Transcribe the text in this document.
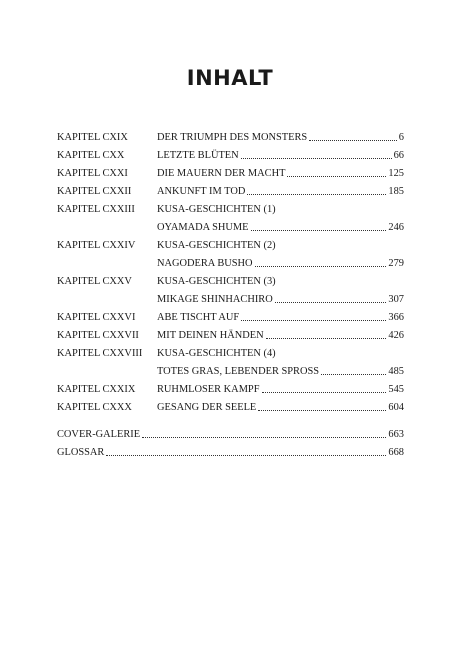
INHALT
KAPITEL CXIX	DER TRIUMPH DES MONSTERS	6
KAPITEL CXX	LETZTE BLÜTEN	66
KAPITEL CXXI	DIE MAUERN DER MACHT	125
KAPITEL CXXII	ANKUNFT IM TOD	185
KAPITEL CXXIII	KUSA-GESCHICHTEN (1)
OYAMADA SHUME	246
KAPITEL CXXIV	KUSA-GESCHICHTEN (2)
NAGODERA BUSHO	279
KAPITEL CXXV	KUSA-GESCHICHTEN (3)
MIKAGE SHINHACHIRO	307
KAPITEL CXXVI	ABE TISCHT AUF	366
KAPITEL CXXVII	MIT DEINEN HÄNDEN	426
KAPITEL CXXVIII	KUSA-GESCHICHTEN (4)
TOTES GRAS, LEBENDER SPROSS	485
KAPITEL CXXIX	RUHMLOSER KAMPF	545
KAPITEL CXXX	GESANG DER SEELE	604
COVER-GALERIE	663
GLOSSAR	668
